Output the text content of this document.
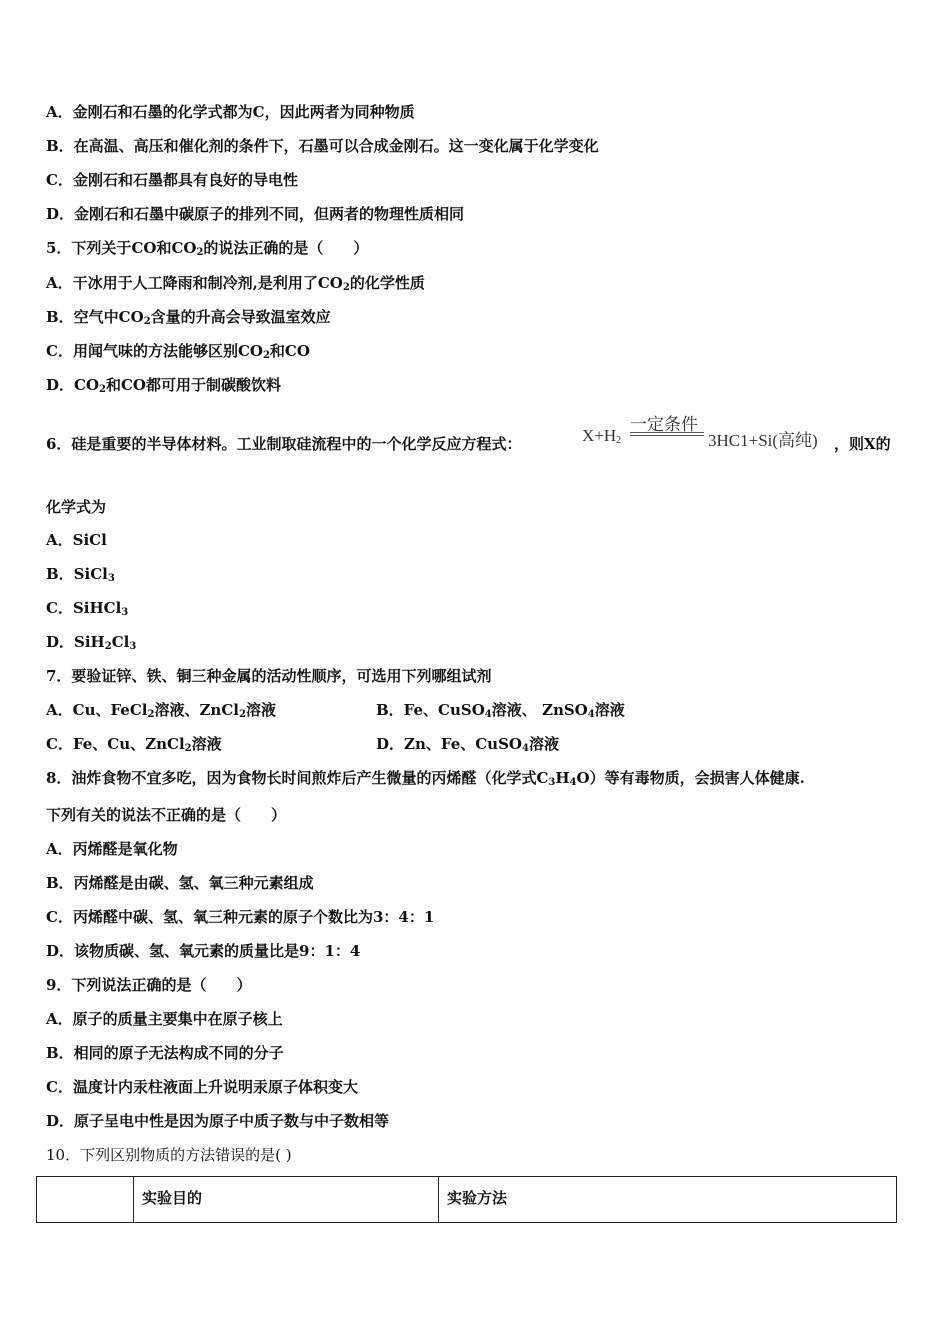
A．金刚石和石墨的化学式都为C，因此两者为同种物质
B．在高温、高压和催化剂的条件下，石墨可以合成金刚石。这一变化属于化学变化
C．金刚石和石墨都具有良好的导电性
D．金刚石和石墨中碳原子的排列不同，但两者的物理性质相同
5．下列关于CO和$CO_2$的说法正确的是（　　）
A．干冰用于人工降雨和制冷剂,是利用了$CO_2$的化学性质
B．空气中$CO_2$含量的升高会导致温室效应
C．用闻气味的方法能够区别$CO_2$和CO
D．$CO_2$和CO都可用于制碳酸饮料
6．硅是重要的半导体材料。工业制取硅流程中的一个化学反应方程式：
一定条件
$X+H_2$	3HC1+Si(高纯) ，则X的
化学式为
A．SiCl
B．SiCl$_3$
C．SiHCl$_3$
D．$SiH_2Cl_3$
7．要验证锌、铁、铜三种金属的活动性顺序，可选用下列哪组试剂
A．Cu、FeCl$_2$溶液、ZnCl$_2$溶液	B．Fe、CuSO$_4$溶液、 ZnSO$_4$溶液
C．Fe、Cu、ZnCl$_2$溶液	D．Zn、Fe、CuSO$_4$溶液
8．油炸食物不宜多吃，因为食物长时间煎炸后产生微量的丙烯醛（化学式$C_3H_4O$）等有毒物质，会损害人体健康.
下列有关的说法不正确的是（　　）
A．丙烯醛是氧化物
B．丙烯醛是由碳、氢、氧三种元素组成
C．丙烯醛中碳、氢、氧三种元素的原子个数比为3：4：1
D．该物质碳、氢、氧元素的质量比是9：1：4
9．下列说法正确的是（　　）
A．原子的质量主要集中在原子核上
B．相同的原子无法构成不同的分子
C．温度计内汞柱液面上升说明汞原子体积变大
D．原子呈电中性是因为原子中质子数与中子数相等
10．下列区别物质的方法错误的是( )
	实验目的	实验方法
